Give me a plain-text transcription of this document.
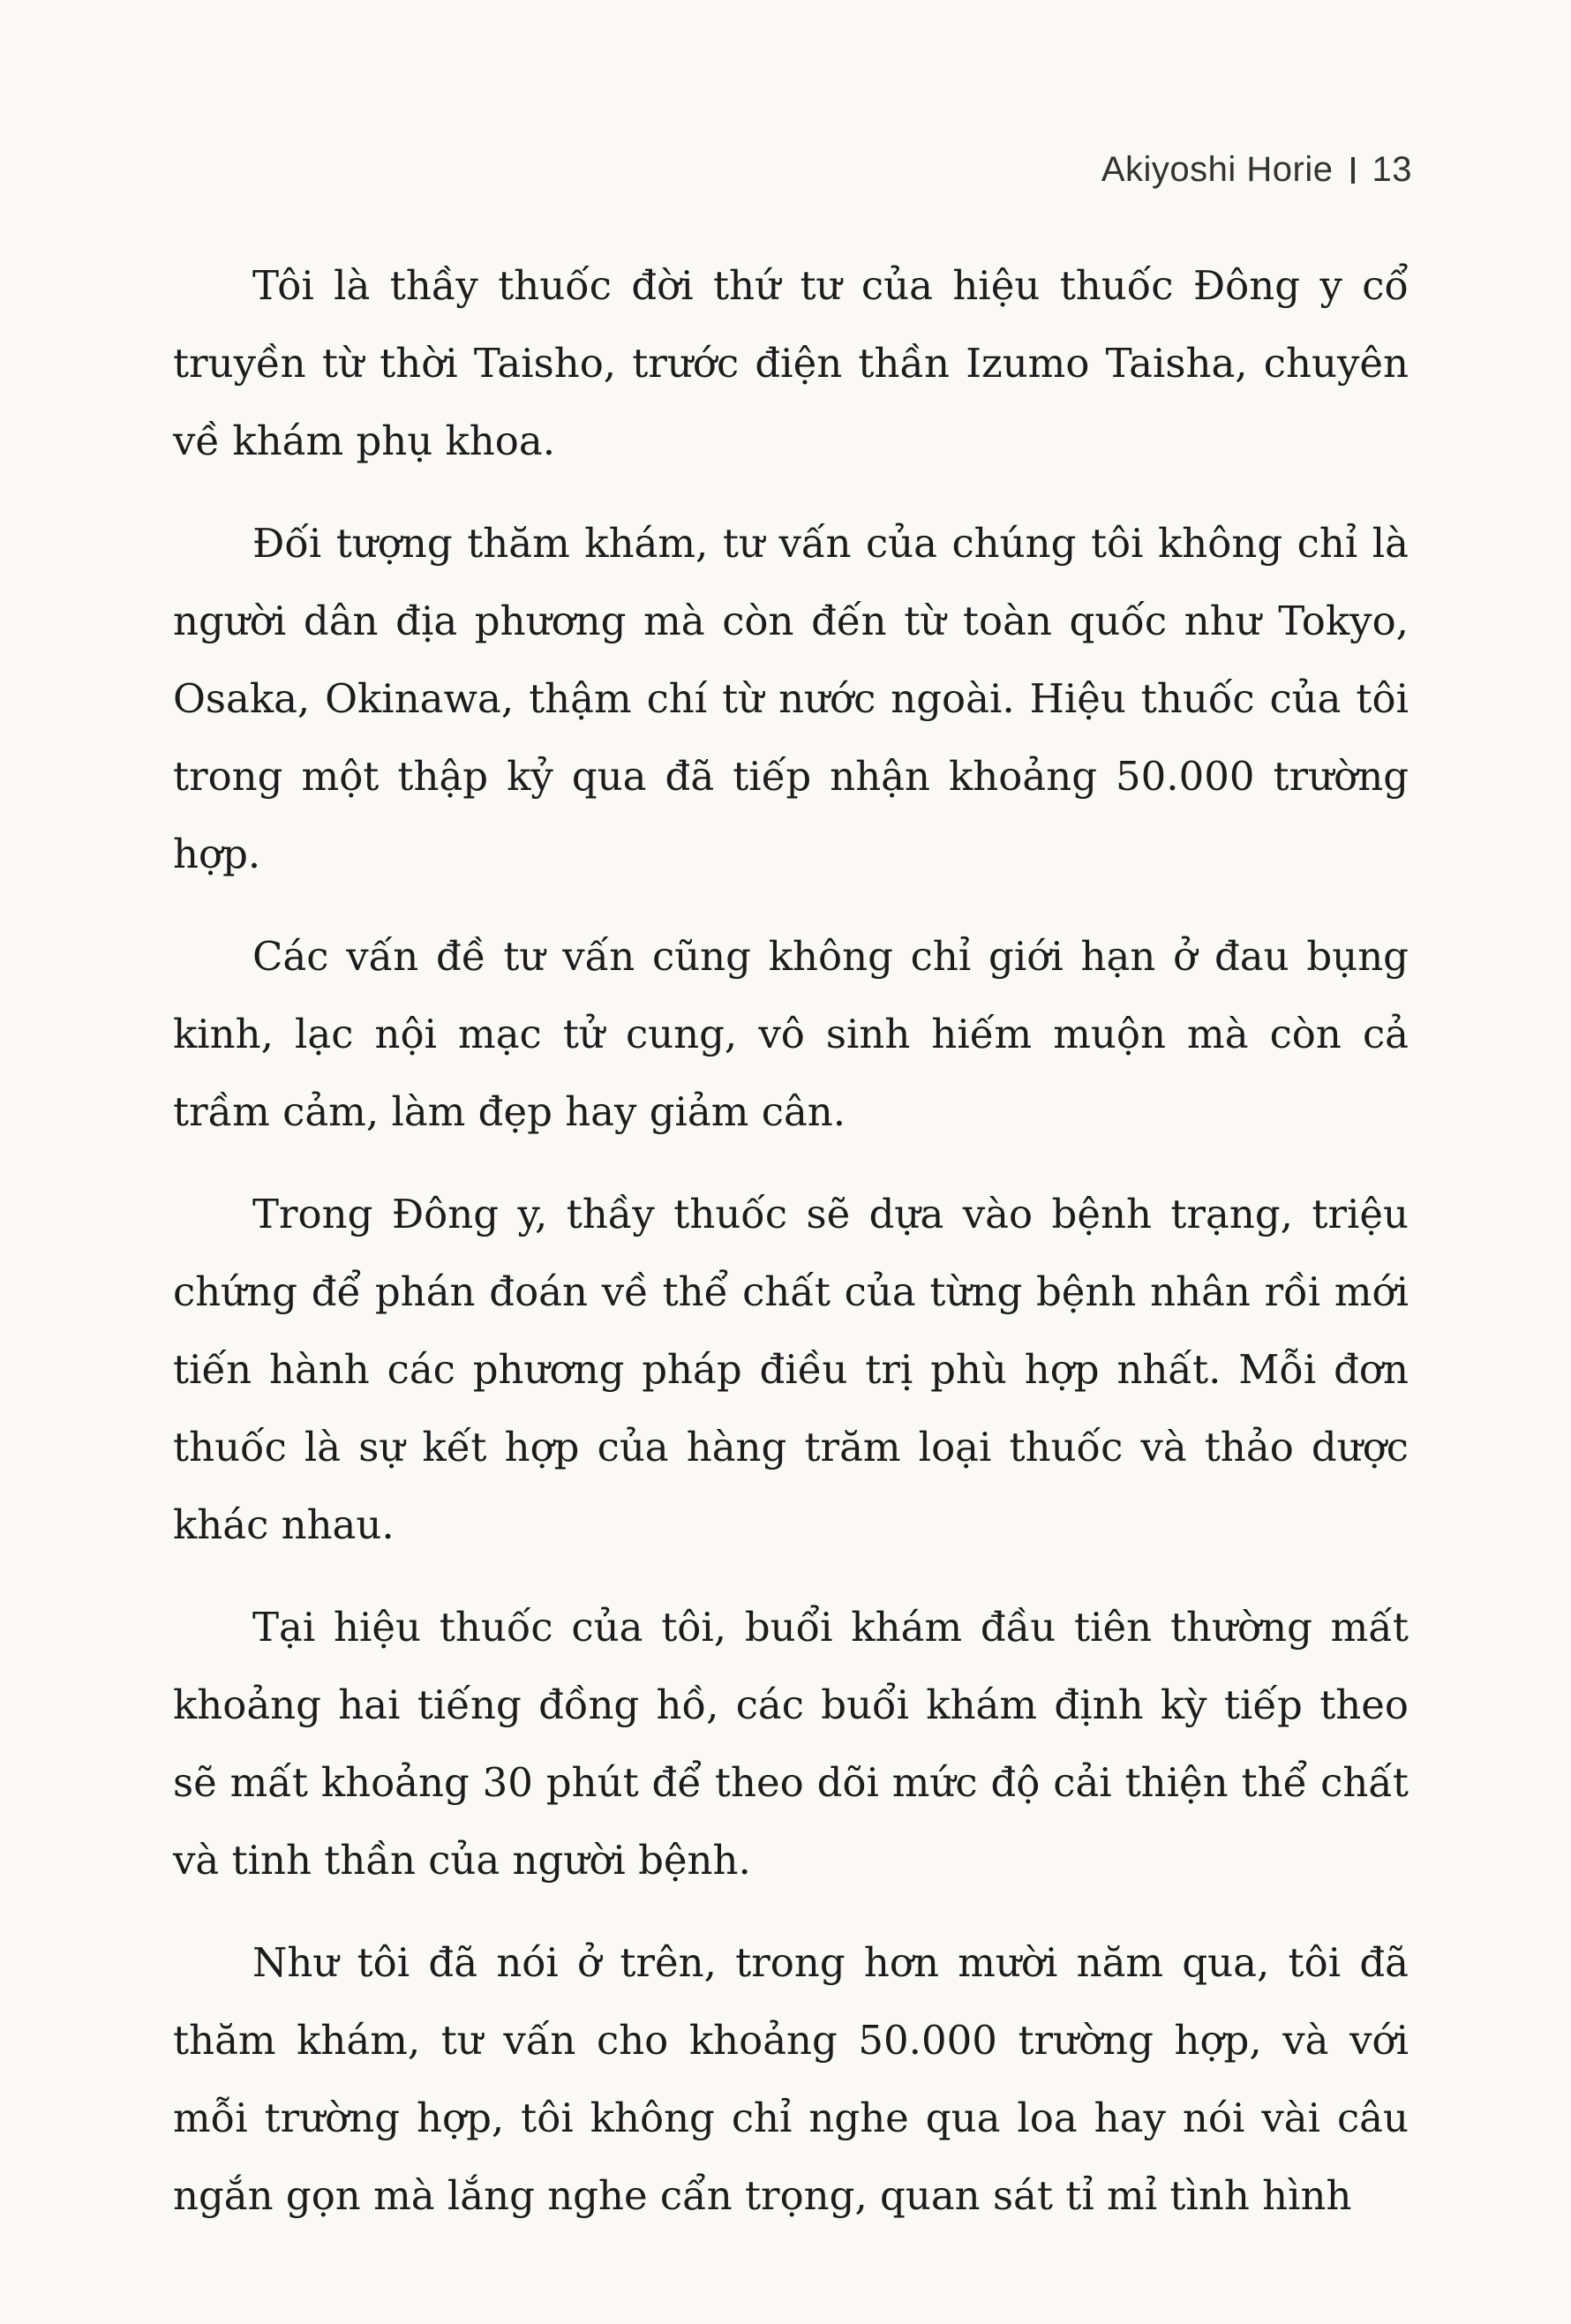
Akiyoshi Horie 13

Tôi là thầy thuốc đời thứ tư của hiệu thuốc Đông y cổ truyền từ thời Taisho, trước điện thần Izumo Taisha, chuyên về khám phụ khoa.

Đối tượng thăm khám, tư vấn của chúng tôi không chỉ là người dân địa phương mà còn đến từ toàn quốc như Tokyo, Osaka, Okinawa, thậm chí từ nước ngoài. Hiệu thuốc của tôi trong một thập kỷ qua đã tiếp nhận khoảng 50.000 trường hợp.

Các vấn đề tư vấn cũng không chỉ giới hạn ở đau bụng kinh, lạc nội mạc tử cung, vô sinh hiếm muộn mà còn cả trầm cảm, làm đẹp hay giảm cân.

Trong Đông y, thầy thuốc sẽ dựa vào bệnh trạng, triệu chứng để phán đoán về thể chất của từng bệnh nhân rồi mới tiến hành các phương pháp điều trị phù hợp nhất. Mỗi đơn thuốc là sự kết hợp của hàng trăm loại thuốc và thảo dược khác nhau.

Tại hiệu thuốc của tôi, buổi khám đầu tiên thường mất khoảng hai tiếng đồng hồ, các buổi khám định kỳ tiếp theo sẽ mất khoảng 30 phút để theo dõi mức độ cải thiện thể chất và tinh thần của người bệnh.

Như tôi đã nói ở trên, trong hơn mười năm qua, tôi đã thăm khám, tư vấn cho khoảng 50.000 trường hợp, và với mỗi trường hợp, tôi không chỉ nghe qua loa hay nói vài câu ngắn gọn mà lắng nghe cẩn trọng, quan sát tỉ mỉ tình hình
